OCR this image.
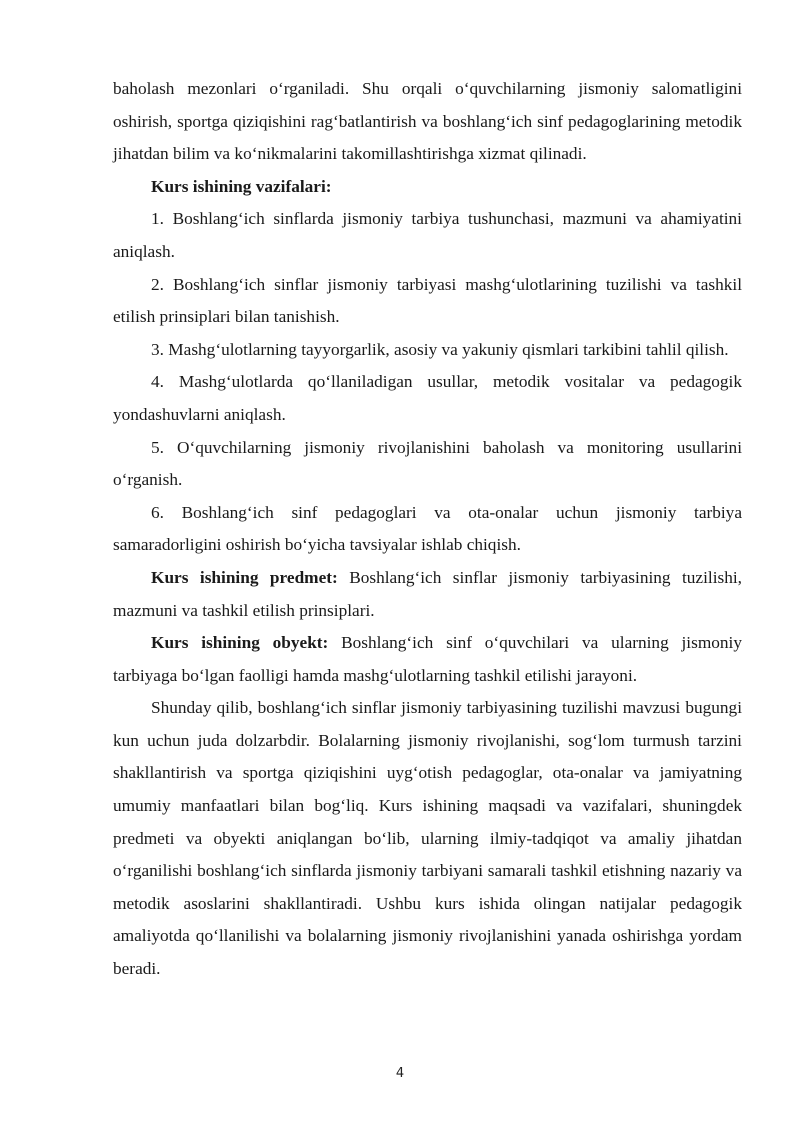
baholash mezonlari o‘rganiladi. Shu orqali o‘quvchilarning jismoniy salomatligini oshirish, sportga qiziqishini rag‘batlantirish va boshlang‘ich sinf pedagoglarining metodik jihatdan bilim va ko‘nikmalarini takomillashtirishga xizmat qilinadi.

Kurs ishining vazifalari:

1. Boshlang‘ich sinflarda jismoniy tarbiya tushunchasi, mazmuni va ahamiyatini aniqlash.

2. Boshlang‘ich sinflar jismoniy tarbiyasi mashg‘ulotlarining tuzilishi va tashkil etilish prinsiplari bilan tanishish.

3. Mashg‘ulotlarning tayyorgarlik, asosiy va yakuniy qismlari tarkibini tahlil qilish.

4. Mashg‘ulotlarda qo‘llaniladigan usullar, metodik vositalar va pedagogik yondashuvlarni aniqlash.

5. O‘quvchilarning jismoniy rivojlanishini baholash va monitoring usullarini o‘rganish.

6. Boshlang‘ich sinf pedagoglari va ota-onalar uchun jismoniy tarbiya samaradorligini oshirish bo‘yicha tavsiyalar ishlab chiqish.

Kurs ishining predmet: Boshlang‘ich sinflar jismoniy tarbiyasining tuzilishi, mazmuni va tashkil etilish prinsiplari.

Kurs ishining obyekt: Boshlang‘ich sinf o‘quvchilari va ularning jismoniy tarbiyaga bo‘lgan faolligi hamda mashg‘ulotlarning tashkil etilishi jarayoni.

Shunday qilib, boshlang‘ich sinflar jismoniy tarbiyasining tuzilishi mavzusi bugungi kun uchun juda dolzarbdir. Bolalarning jismoniy rivojlanishi, sog‘lom turmush tarzini shakllantirish va sportga qiziqishini uyg‘otish pedagoglar, ota-onalar va jamiyatning umumiy manfaatlari bilan bog‘liq. Kurs ishining maqsadi va vazifalari, shuningdek predmeti va obyekti aniqlangan bo‘lib, ularning ilmiy-tadqiqot va amaliy jihatdan o‘rganilishi boshlang‘ich sinflarda jismoniy tarbiyani samarali tashkil etishning nazariy va metodik asoslarini shakllantiradi. Ushbu kurs ishida olingan natijalar pedagogik amaliyotda qo‘llanilishi va bolalarning jismoniy rivojlanishini yanada oshirishga yordam beradi.

4
